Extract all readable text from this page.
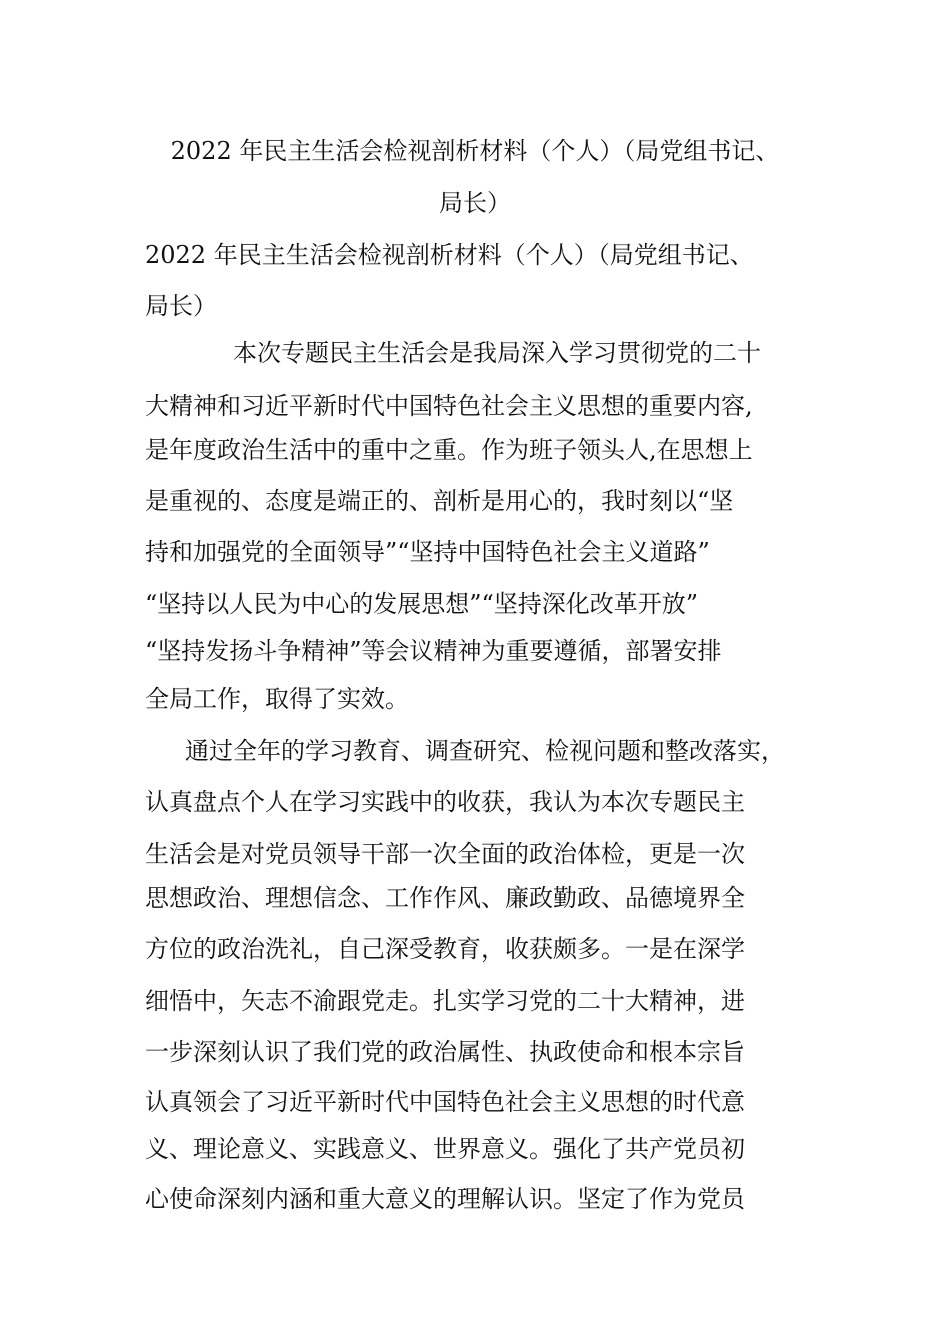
2022 年民主生活会检视剖析材料（个人）（局党组书记、
局长）
2022 年民主生活会检视剖析材料（个人）（局党组书记、
局长）
本次专题民主生活会是我局深入学习贯彻党的二十
大精神和习近平新时代中国特色社会主义思想的重要内容,
是年度政治生活中的重中之重。作为班子领头人,在思想上
是重视的、态度是端正的、剖析是用心的，我时刻以“坚
持和加强党的全面领导”“坚持中国特色社会主义道路”
“坚持以人民为中心的发展思想”“坚持深化改革开放”
“坚持发扬斗争精神”等会议精神为重要遵循，部署安排
全局工作，取得了实效。
通过全年的学习教育、调查研究、检视问题和整改落实，
认真盘点个人在学习实践中的收获，我认为本次专题民主
生活会是对党员领导干部一次全面的政治体检，更是一次
思想政治、理想信念、工作作风、廉政勤政、品德境界全
方位的政治洗礼，自己深受教育，收获颇多。一是在深学
细悟中，矢志不渝跟党走。扎实学习党的二十大精神，进
一步深刻认识了我们党的政治属性、执政使命和根本宗旨
认真领会了习近平新时代中国特色社会主义思想的时代意
义、理论意义、实践意义、世界意义。强化了共产党员初
心使命深刻内涵和重大意义的理解认识。坚定了作为党员
